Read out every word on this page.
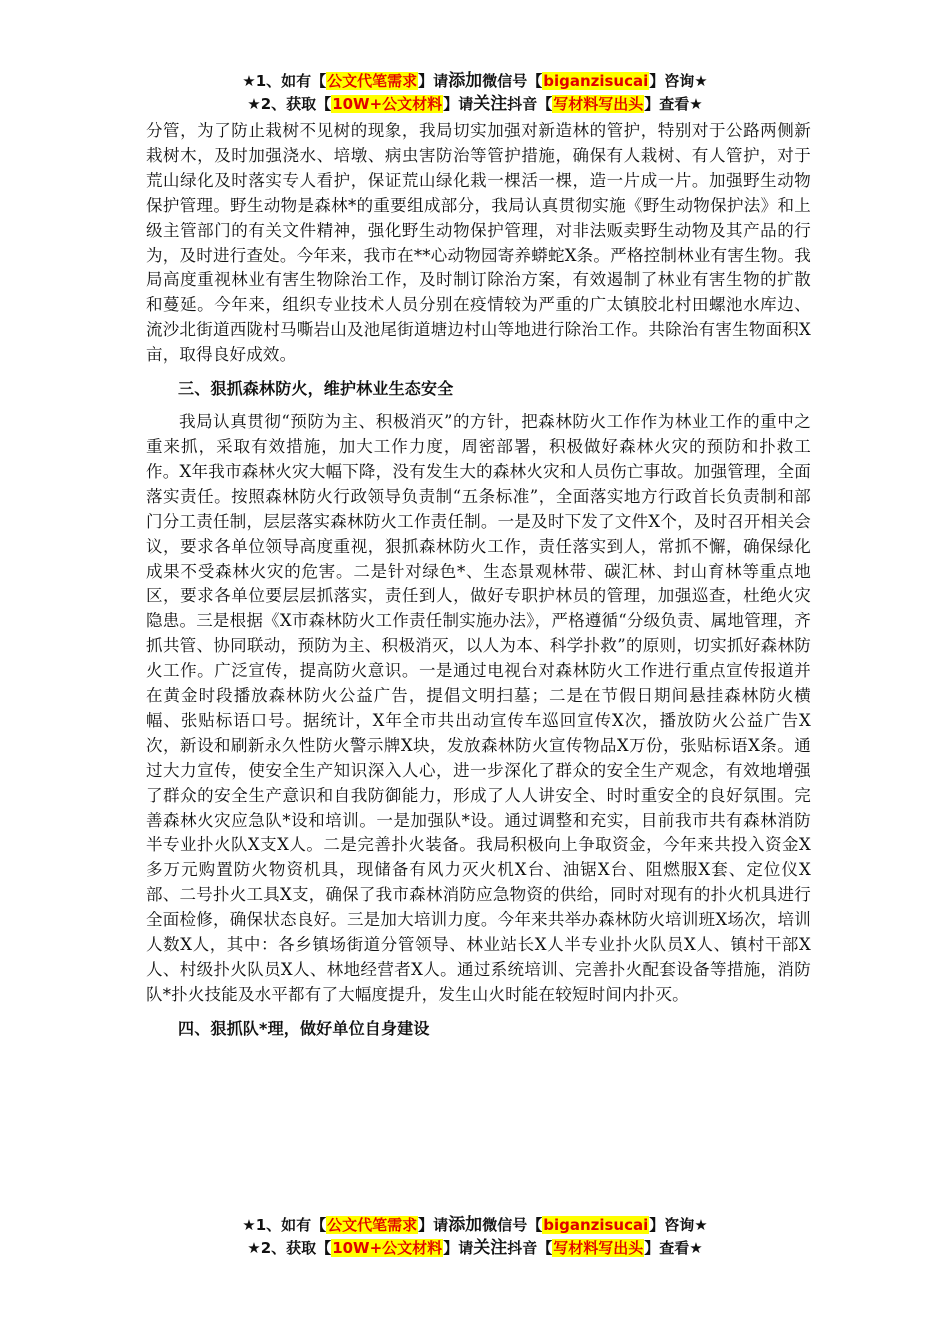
★1、如有【公文代笔需求】请添加微信号【biganzisucai】咨询★
★2、获取【10W+公文材料】请关注抖音【写材料写出头】查看★

分管，为了防止栽树不见树的现象，我局切实加强对新造林的管护，特别对于公路两侧新栽树木，及时加强浇水、培墩、病虫害防治等管护措施，确保有人栽树、有人管护，对于荒山绿化及时落实专人看护，保证荒山绿化栽一棵活一棵，造一片成一片。加强野生动物保护管理。野生动物是森林*的重要组成部分，我局认真贯彻实施《野生动物保护法》和上级主管部门的有关文件精神，强化野生动物保护管理，对非法贩卖野生动物及其产品的行为，及时进行查处。今年来，我市在**心动物园寄养蟒蛇X条。严格控制林业有害生物。我局高度重视林业有害生物除治工作，及时制订除治方案，有效遏制了林业有害生物的扩散和蔓延。今年来，组织专业技术人员分别在疫情较为严重的广太镇胶北村田螺池水库边、流沙北街道西陇村马嘶岩山及池尾街道塘边村山等地进行除治工作。共除治有害生物面积X亩，取得良好成效。

三、狠抓森林防火，维护林业生态安全

我局认真贯彻“预防为主、积极消灭”的方针，把森林防火工作作为林业工作的重中之重来抓，采取有效措施，加大工作力度，周密部署，积极做好森林火灾的预防和扑救工作。X年我市森林火灾大幅下降，没有发生大的森林火灾和人员伤亡事故。加强管理，全面落实责任。按照森林防火行政领导负责制“五条标准”，全面落实地方行政首长负责制和部门分工责任制，层层落实森林防火工作责任制。一是及时下发了文件X个，及时召开相关会议，要求各单位领导高度重视，狠抓森林防火工作，责任落实到人，常抓不懈，确保绿化成果不受森林火灾的危害。二是针对绿色*、生态景观林带、碳汇林、封山育林等重点地区，要求各单位要层层抓落实，责任到人，做好专职护林员的管理，加强巡查，杜绝火灾隐患。三是根据《X市森林防火工作责任制实施办法》，严格遵循“分级负责、属地管理，齐抓共管、协同联动，预防为主、积极消灭，以人为本、科学扑救”的原则，切实抓好森林防火工作。广泛宣传，提高防火意识。一是通过电视台对森林防火工作进行重点宣传报道并在黄金时段播放森林防火公益广告，提倡文明扫墓；二是在节假日期间悬挂森林防火横幅、张贴标语口号。据统计，X年全市共出动宣传车巡回宣传X次，播放防火公益广告X次，新设和刷新永久性防火警示牌X块，发放森林防火宣传物品X万份，张贴标语X条。通过大力宣传，使安全生产知识深入人心，进一步深化了群众的安全生产观念，有效地增强了群众的安全生产意识和自我防御能力，形成了人人讲安全、时时重安全的良好氛围。完善森林火灾应急队*设和培训。一是加强队*设。通过调整和充实，目前我市共有森林消防半专业扑火队X支X人。二是完善扑火装备。我局积极向上争取资金，今年来共投入资金X多万元购置防火物资机具，现储备有风力灭火机X台、油锯X台、阻燃服X套、定位仪X部、二号扑火工具X支，确保了我市森林消防应急物资的供给，同时对现有的扑火机具进行全面检修，确保状态良好。三是加大培训力度。今年来共举办森林防火培训班X场次，培训人数X人，其中：各乡镇场街道分管领导、林业站长X人半专业扑火队员X人、镇村干部X人、村级扑火队员X人、林地经营者X人。通过系统培训、完善扑火配套设备等措施，消防队*扑火技能及水平都有了大幅度提升，发生山火时能在较短时间内扑灭。

四、狠抓队*理，做好单位自身建设
★1、如有【公文代笔需求】请添加微信号【biganzisucai】咨询★
★2、获取【10W+公文材料】请关注抖音【写材料写出头】查看★
